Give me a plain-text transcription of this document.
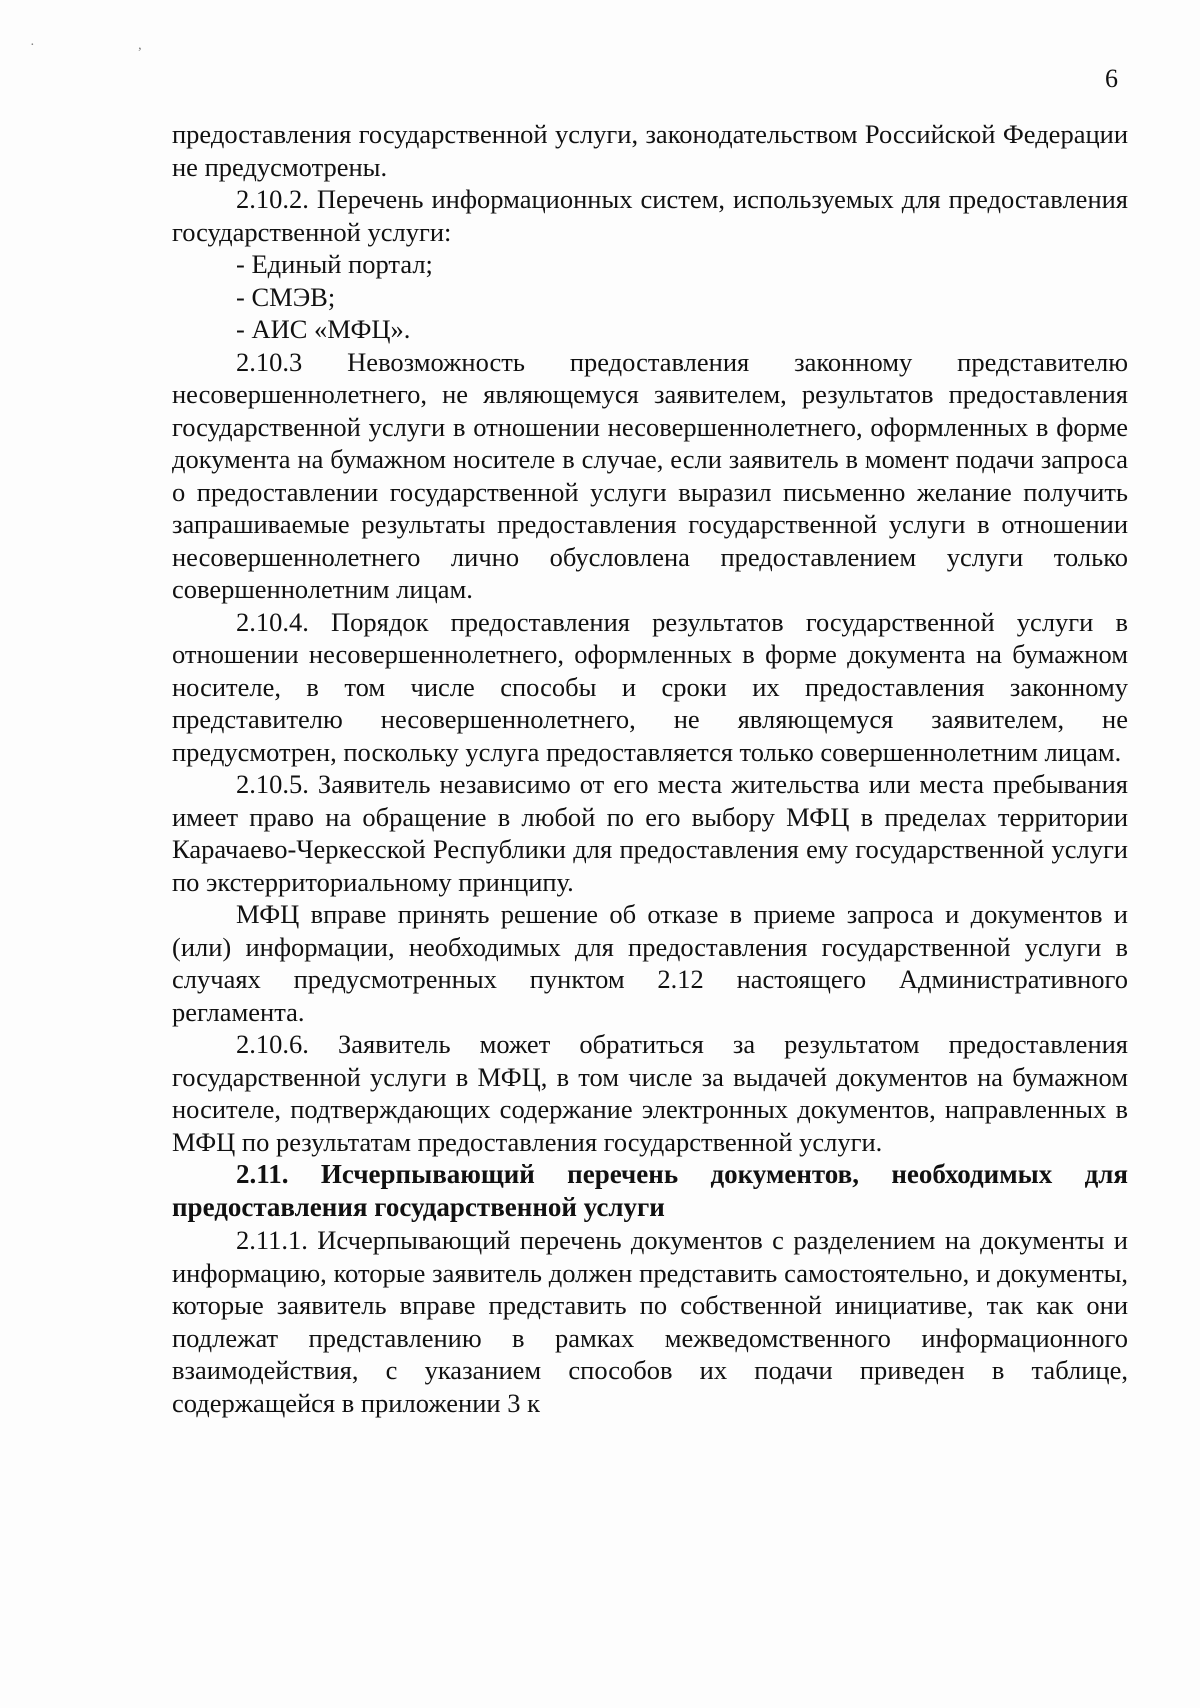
· ,
6

предоставления государственной услуги, законодательством Российской Федерации не предусмотрены.

2.10.2. Перечень информационных систем, используемых для предоставления государственной услуги:

- Единый портал;

- СМЭВ;

- АИС «МФЦ».

2.10.3 Невозможность предоставления законному представителю несовершеннолетнего, не являющемуся заявителем, результатов предоставления государственной услуги в отношении несовершеннолетнего, оформленных в форме документа на бумажном носителе в случае, если заявитель в момент подачи запроса о предоставлении государственной услуги выразил письменно желание получить запрашиваемые результаты предоставления государственной услуги в отношении несовершеннолетнего лично обусловлена предоставлением услуги только совершеннолетним лицам.

2.10.4. Порядок предоставления результатов государственной услуги в отношении несовершеннолетнего, оформленных в форме документа на бумажном носителе, в том числе способы и сроки их предоставления законному представителю несовершеннолетнего, не являющемуся заявителем, не предусмотрен, поскольку услуга предоставляется только совершеннолетним лицам.

2.10.5. Заявитель независимо от его места жительства или места пребывания имеет право на обращение в любой по его выбору МФЦ в пределах территории Карачаево-Черкесской Республики для предоставления ему государственной услуги по экстерриториальному принципу.

МФЦ вправе принять решение об отказе в приеме запроса и документов и (или) информации, необходимых для предоставления государственной услуги в случаях предусмотренных пунктом 2.12 настоящего Административного регламента.

2.10.6. Заявитель может обратиться за результатом предоставления государственной услуги в МФЦ, в том числе за выдачей документов на бумажном носителе, подтверждающих содержание электронных документов, направленных в МФЦ по результатам предоставления государственной услуги.

2.11. Исчерпывающий перечень документов, необходимых для предоставления государственной услуги

2.11.1. Исчерпывающий перечень документов с разделением на документы и информацию, которые заявитель должен представить самостоятельно, и документы, которые заявитель вправе представить по собственной инициативе, так как они подлежат представлению в рамках межведомственного информационного взаимодействия, с указанием способов их подачи приведен в таблице, содержащейся в приложении 3 к
